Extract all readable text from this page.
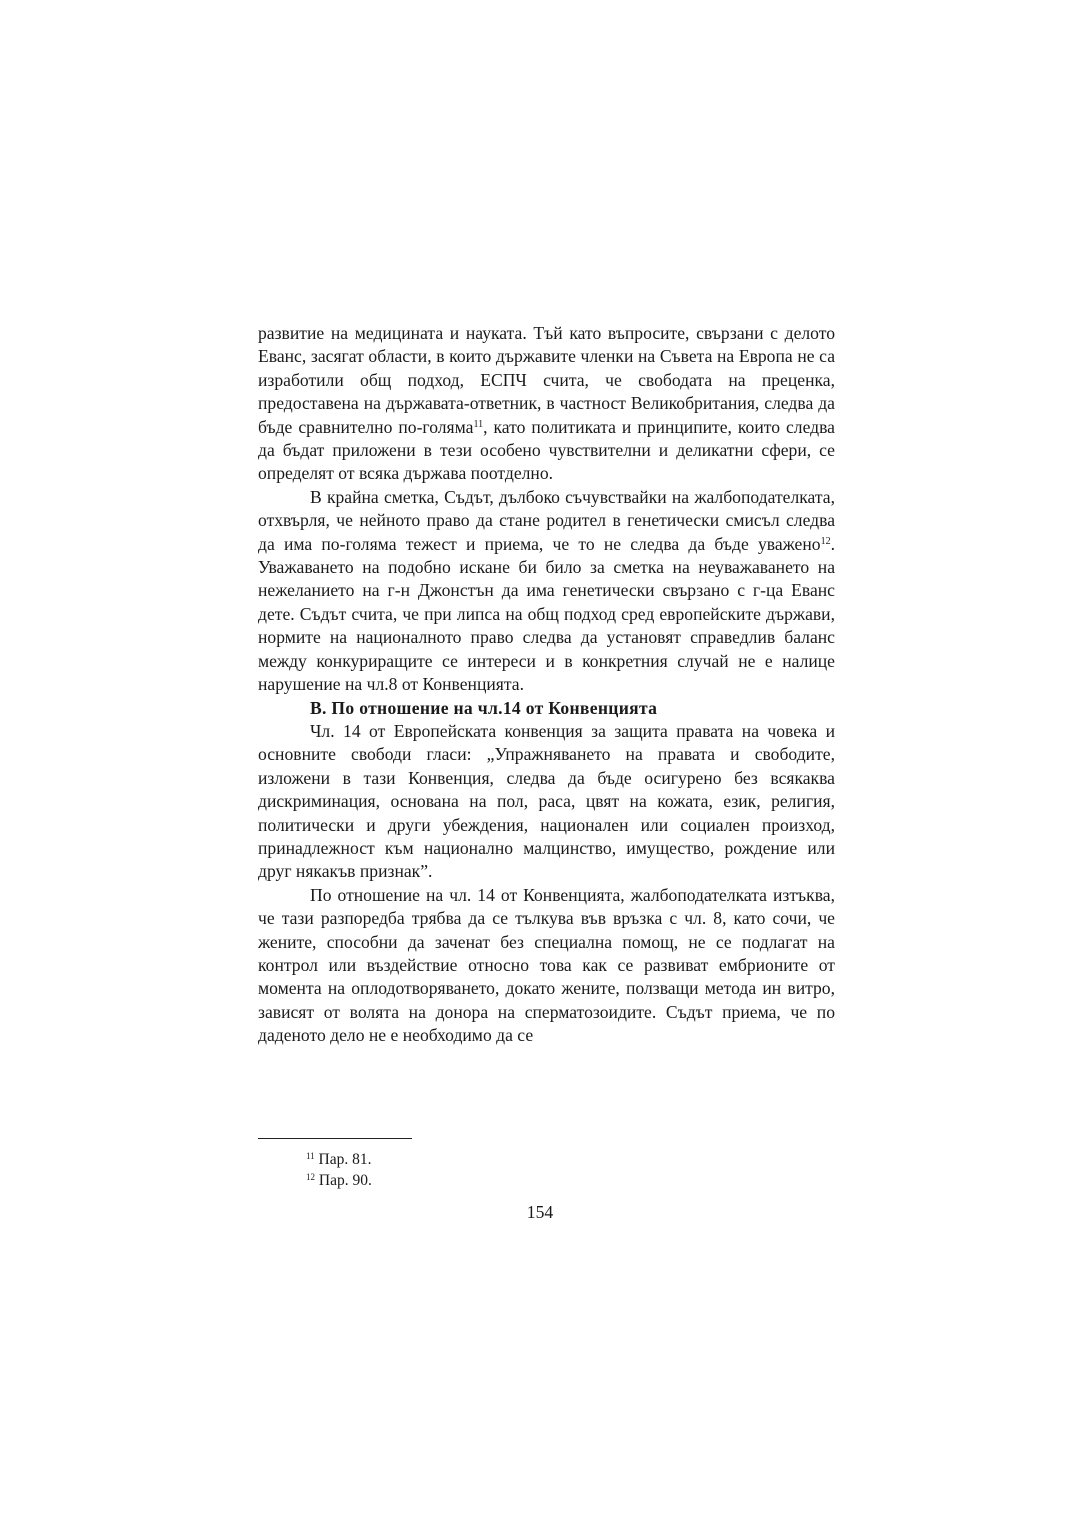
развитие на медицината и науката. Тъй като въпросите, свързани с делото Еванс, засягат области, в които държавите членки на Съвета на Европа не са изработили общ подход, ЕСПЧ счита, че свободата на преценка, предоставена на държавата-ответник, в частност Великобритания, следва да бъде сравнително по-голяма$^{11}$, като политиката и принципите, които следва да бъдат приложени в тези особено чувствителни и деликатни сфери, се определят от всяка държава поотделно.

В крайна сметка, Съдът, дълбоко съчувствайки на жалбоподателката, отхвърля, че нейното право да стане родител в генетически смисъл следва да има по-голяма тежест и приема, че то не следва да бъде уважено$^{12}$. Уважаването на подобно искане би било за сметка на неуважаването на нежеланието на г-н Джонстън да има генетически свързано с г-ца Еванс дете. Съдът счита, че при липса на общ подход сред европейските държави, нормите на националното право следва да установят справедлив баланс между конкуриращите се интереси и в конкретния случай не е налице нарушение на чл.8 от Конвенцията.

В. По отношение на чл.14 от Конвенцията

Чл. 14 от Европейската конвенция за защита правата на човека и основните свободи гласи: „Упражняването на правата и свободите, изложени в тази Конвенция, следва да бъде осигурено без всякаква дискриминация, основана на пол, раса, цвят на кожата, език, религия, политически и други убеждения, национален или социален произход, принадлежност към национално малцинство, имущество, рождение или друг някакъв признак”.

По отношение на чл. 14 от Конвенцията, жалбоподателката изтъква, че тази разпоредба трябва да се тълкува във връзка с чл. 8, като сочи, че жените, способни да заченат без специална помощ, не се подлагат на контрол или въздействие относно това как се развиват ембрионите от момента на оплодотворяването, докато жените, ползващи метода ин витро, зависят от волята на донора на сперматозоидите. Съдът приема, че по даденото дело не е необходимо да се

$^{11}$ Пар. 81.
$^{12}$ Пар. 90.
154
